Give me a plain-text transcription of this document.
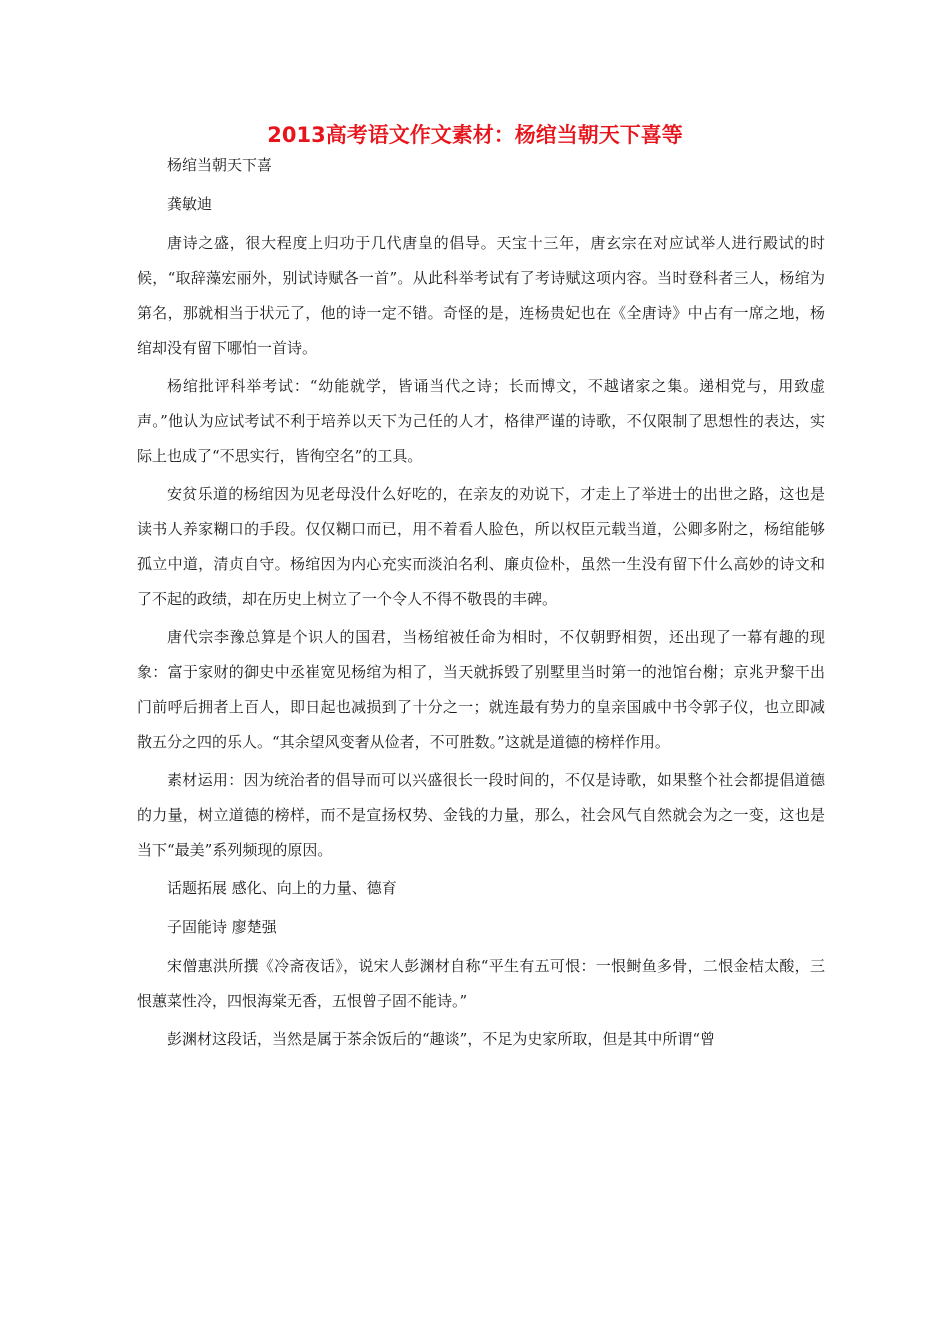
2013高考语文作文素材：杨绾当朝天下喜等

杨绾当朝天下喜

龚敏迪

唐诗之盛，很大程度上归功于几代唐皇的倡导。天宝十三年，唐玄宗在对应试举人进行殿试的时候，“取辞藻宏丽外，别试诗赋各一首”。从此科举考试有了考诗赋这项内容。当时登科者三人，杨绾为第名，那就相当于状元了，他的诗一定不错。奇怪的是，连杨贵妃也在《全唐诗》中占有一席之地，杨绾却没有留下哪怕一首诗。

杨绾批评科举考试：“幼能就学，皆诵当代之诗；长而博文，不越诸家之集。递相党与，用致虚声。”他认为应试考试不利于培养以天下为己任的人才，格律严谨的诗歌，不仅限制了思想性的表达，实际上也成了“不思实行，皆徇空名”的工具。

安贫乐道的杨绾因为见老母没什么好吃的，在亲友的劝说下，才走上了举进士的出世之路，这也是读书人养家糊口的手段。仅仅糊口而已，用不着看人脸色，所以权臣元载当道，公卿多附之，杨绾能够孤立中道，清贞自守。杨绾因为内心充实而淡泊名利、廉贞俭朴，虽然一生没有留下什么高妙的诗文和了不起的政绩，却在历史上树立了一个令人不得不敬畏的丰碑。

唐代宗李豫总算是个识人的国君，当杨绾被任命为相时，不仅朝野相贺，还出现了一幕有趣的现象：富于家财的御史中丞崔宽见杨绾为相了，当天就拆毁了别墅里当时第一的池馆台榭；京兆尹黎干出门前呼后拥者上百人，即日起也减损到了十分之一；就连最有势力的皇亲国戚中书令郭子仪，也立即减散五分之四的乐人。“其余望风变奢从俭者，不可胜数。”这就是道德的榜样作用。

素材运用：因为统治者的倡导而可以兴盛很长一段时间的，不仅是诗歌，如果整个社会都提倡道德的力量，树立道德的榜样，而不是宣扬权势、金钱的力量，那么，社会风气自然就会为之一变，这也是当下“最美”系列频现的原因。

话题拓展 感化、向上的力量、德育

子固能诗 廖楚强

宋僧惠洪所撰《冷斋夜话》，说宋人彭渊材自称“平生有五可恨：一恨鲥鱼多骨，二恨金桔太酸，三恨蕙菜性冷，四恨海棠无香，五恨曾子固不能诗。”

彭渊材这段话，当然是属于茶余饭后的“趣谈”，不足为史家所取，但是其中所谓“曾
